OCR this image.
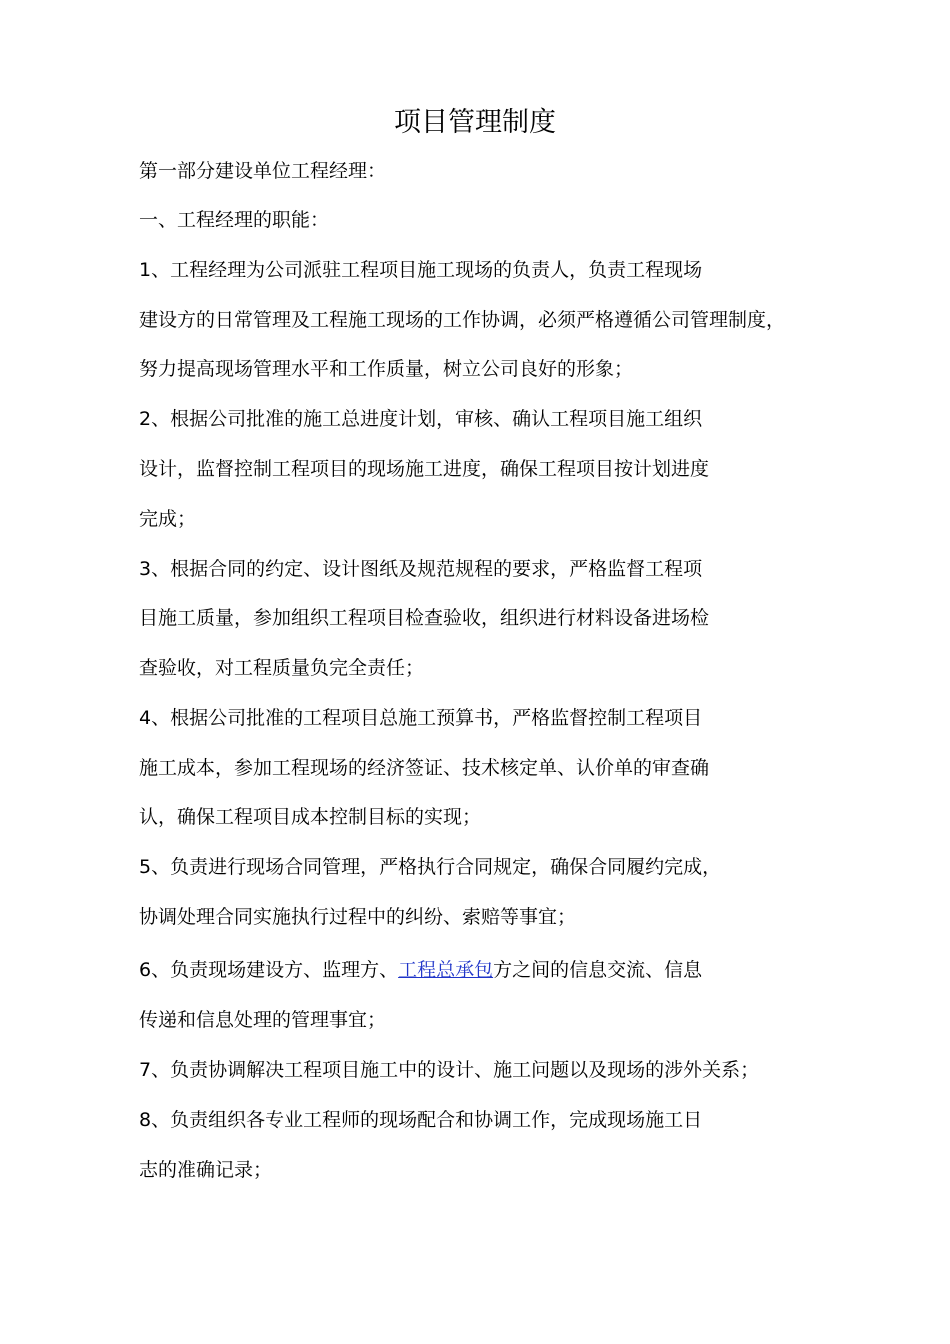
项目管理制度
第一部分建设单位工程经理：
一、工程经理的职能：
1、工程经理为公司派驻工程项目施工现场的负责人，负责工程现场
建设方的日常管理及工程施工现场的工作协调，必须严格遵循公司管理制度，
努力提高现场管理水平和工作质量，树立公司良好的形象；
2、根据公司批准的施工总进度计划，审核、确认工程项目施工组织
设计，监督控制工程项目的现场施工进度，确保工程项目按计划进度
完成；
3、根据合同的约定、设计图纸及规范规程的要求，严格监督工程项
目施工质量，参加组织工程项目检查验收，组织进行材料设备进场检
查验收，对工程质量负完全责任；
4、根据公司批准的工程项目总施工预算书，严格监督控制工程项目
施工成本，参加工程现场的经济签证、技术核定单、认价单的审查确
认，确保工程项目成本控制目标的实现；
5、负责进行现场合同管理，严格执行合同规定，确保合同履约完成，
协调处理合同实施执行过程中的纠纷、索赔等事宜；
6、负责现场建设方、监理方、工程总承包方之间的信息交流、信息
传递和信息处理的管理事宜；
7、负责协调解决工程项目施工中的设计、施工问题以及现场的涉外关系；
8、负责组织各专业工程师的现场配合和协调工作，完成现场施工日
志的准确记录；
